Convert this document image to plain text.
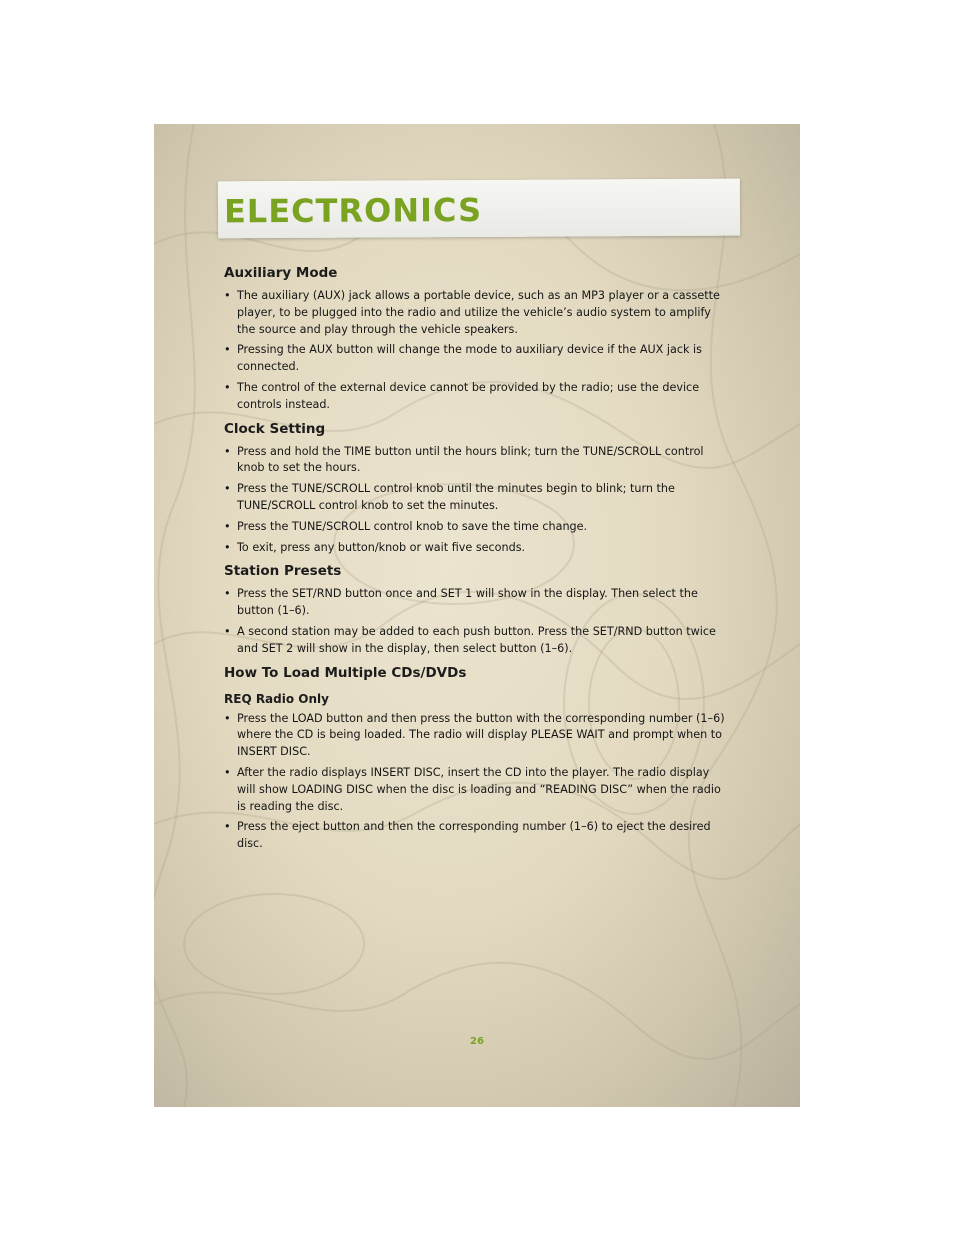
ELECTRONICS
Auxiliary Mode
• The auxiliary (AUX) jack allows a portable device, such as an MP3 player or a cassette player, to be plugged into the radio and utilize the vehicle’s audio system to amplify the source and play through the vehicle speakers.
• Pressing the AUX button will change the mode to auxiliary device if the AUX jack is connected.
• The control of the external device cannot be provided by the radio; use the device controls instead.
Clock Setting
• Press and hold the TIME button until the hours blink; turn the TUNE/SCROLL control knob to set the hours.
• Press the TUNE/SCROLL control knob until the minutes begin to blink; turn the TUNE/SCROLL control knob to set the minutes.
• Press the TUNE/SCROLL control knob to save the time change.
• To exit, press any button/knob or wait five seconds.
Station Presets
• Press the SET/RND button once and SET 1 will show in the display. Then select the button (1–6).
• A second station may be added to each push button. Press the SET/RND button twice and SET 2 will show in the display, then select button (1–6).
How To Load Multiple CDs/DVDs
REQ Radio Only
• Press the LOAD button and then press the button with the corresponding number (1–6) where the CD is being loaded. The radio will display PLEASE WAIT and prompt when to INSERT DISC.
• After the radio displays INSERT DISC, insert the CD into the player. The radio display will show LOADING DISC when the disc is loading and “READING DISC” when the radio is reading the disc.
• Press the eject button and then the corresponding number (1–6) to eject the desired disc.

26
